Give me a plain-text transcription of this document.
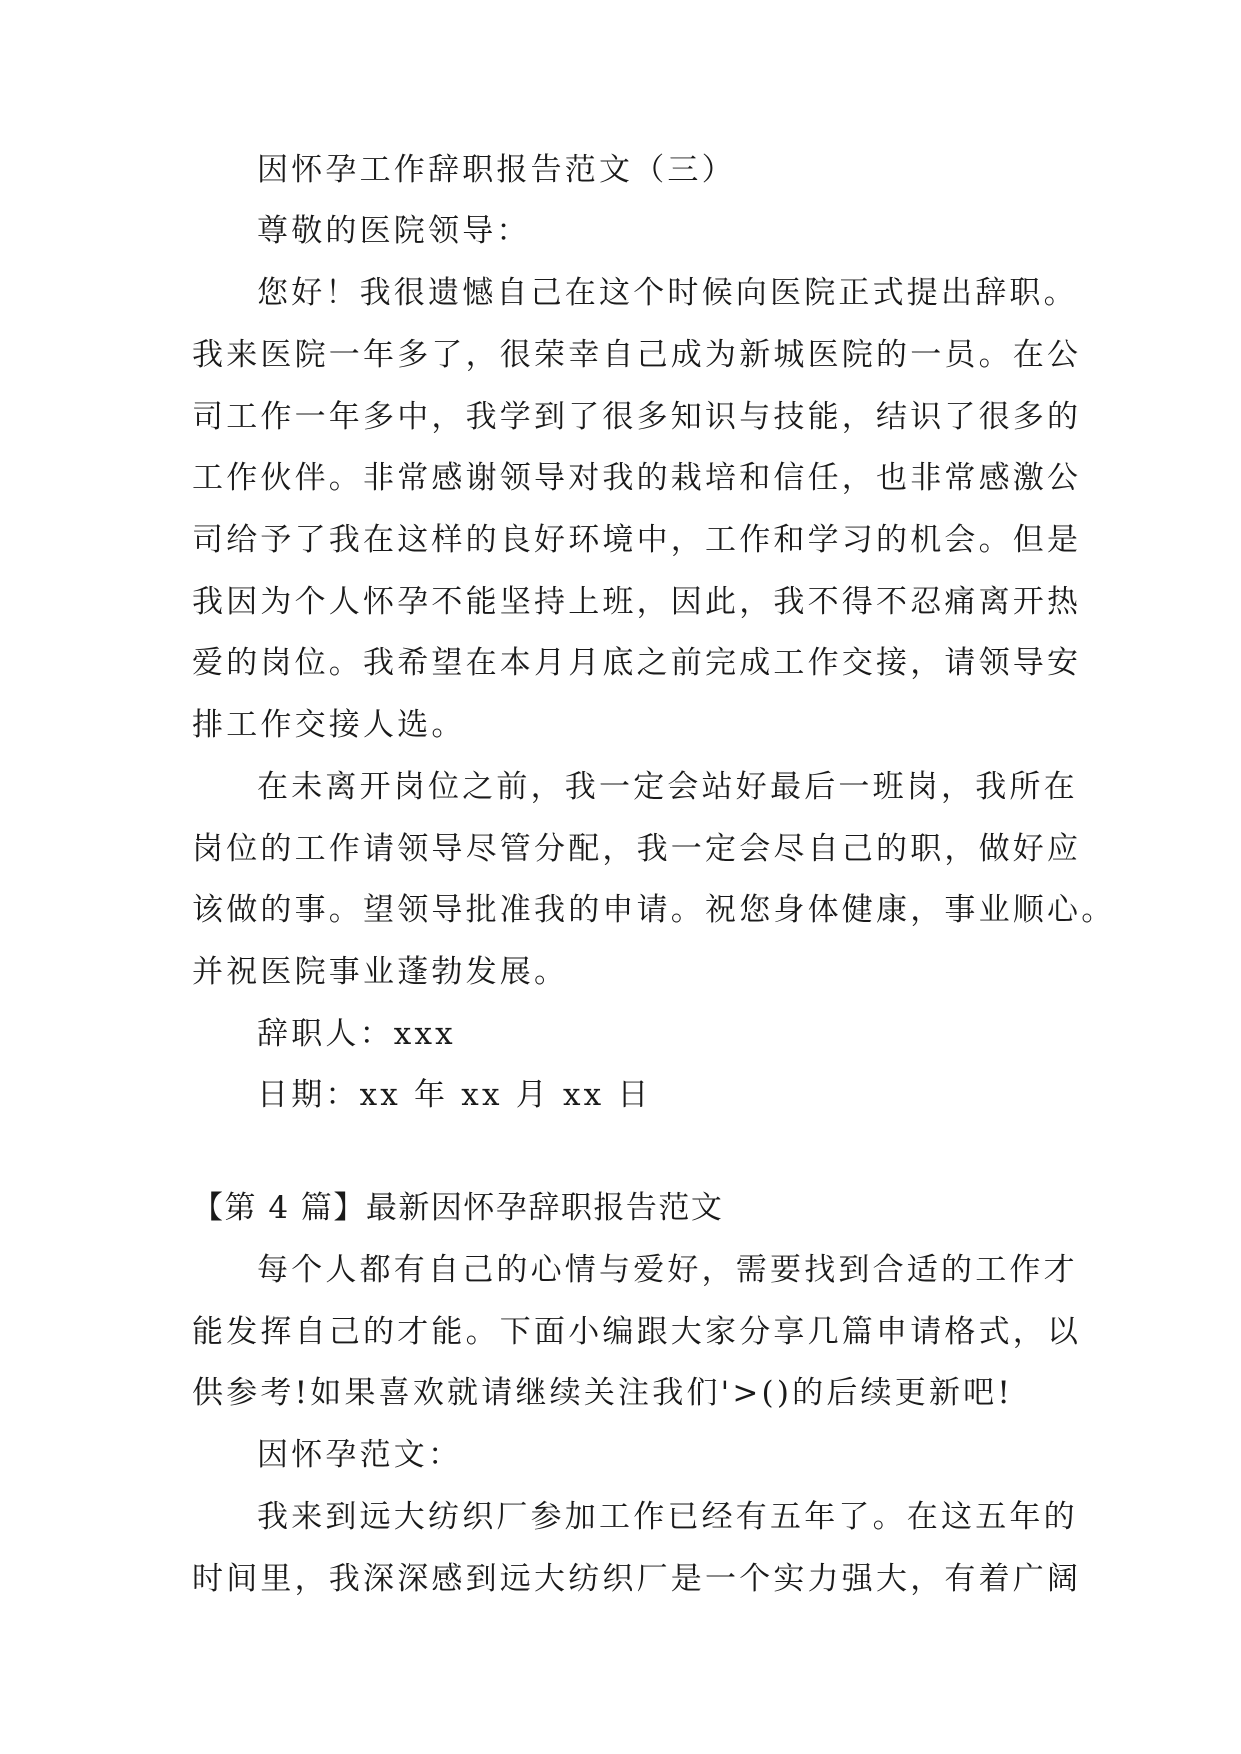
因怀孕工作辞职报告范文（三）
尊敬的医院领导：
您好！我很遗憾自己在这个时候向医院正式提出辞职。
我来医院一年多了，很荣幸自己成为新城医院的一员。在公
司工作一年多中，我学到了很多知识与技能，结识了很多的
工作伙伴。非常感谢领导对我的栽培和信任，也非常感激公
司给予了我在这样的良好环境中，工作和学习的机会。但是
我因为个人怀孕不能坚持上班，因此，我不得不忍痛离开热
爱的岗位。我希望在本月月底之前完成工作交接，请领导安
排工作交接人选。
在未离开岗位之前，我一定会站好最后一班岗，我所在
岗位的工作请领导尽管分配，我一定会尽自己的职，做好应
该做的事。望领导批准我的申请。祝您身体健康，事业顺心。
并祝医院事业蓬勃发展。
辞职人：xxx
日期：xx 年 xx 月 xx 日
【第 4 篇】最新因怀孕辞职报告范文
每个人都有自己的心情与爱好，需要找到合适的工作才
能发挥自己的才能。下面小编跟大家分享几篇申请格式，以
供参考!如果喜欢就请继续关注我们'>()的后续更新吧!
因怀孕范文：
我来到远大纺织厂参加工作已经有五年了。在这五年的
时间里，我深深感到远大纺织厂是一个实力强大，有着广阔
